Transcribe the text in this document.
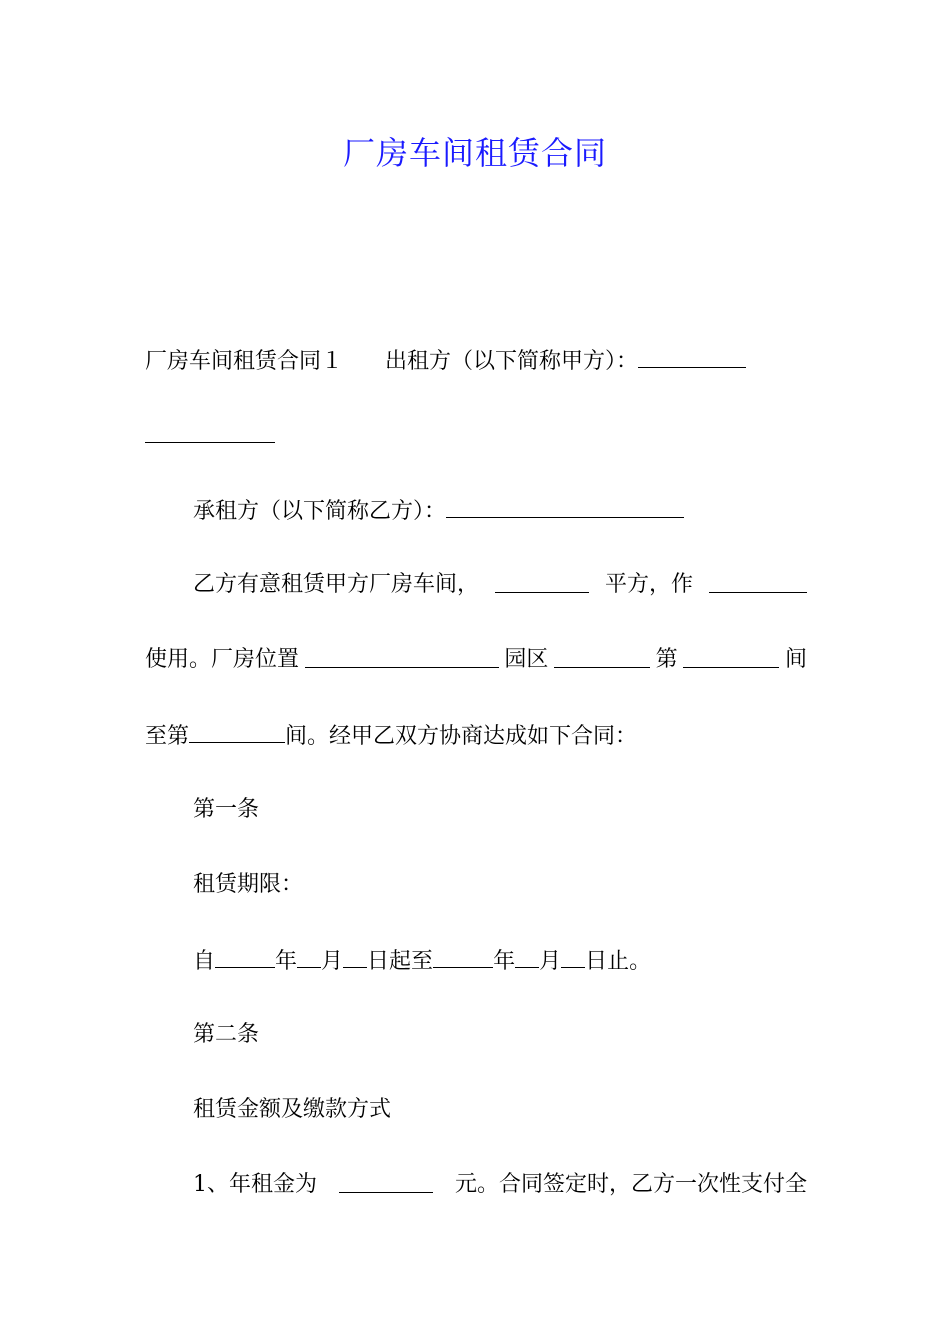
厂房车间租赁合同
厂房车间租赁合同１ 出租方（以下简称甲方）：
承租方（以下简称乙方）：
乙方有意租赁甲方厂房车间，	平方，作
使用。厂房位置	园区	第	间
至第	间。经甲乙双方协商达成如下合同：
第一条
租赁期限：
自	年 月 日起至	年 月 日止。
第二条
租赁金额及缴款方式
1、年租金为	元。合同签定时，乙方一次性支付全
